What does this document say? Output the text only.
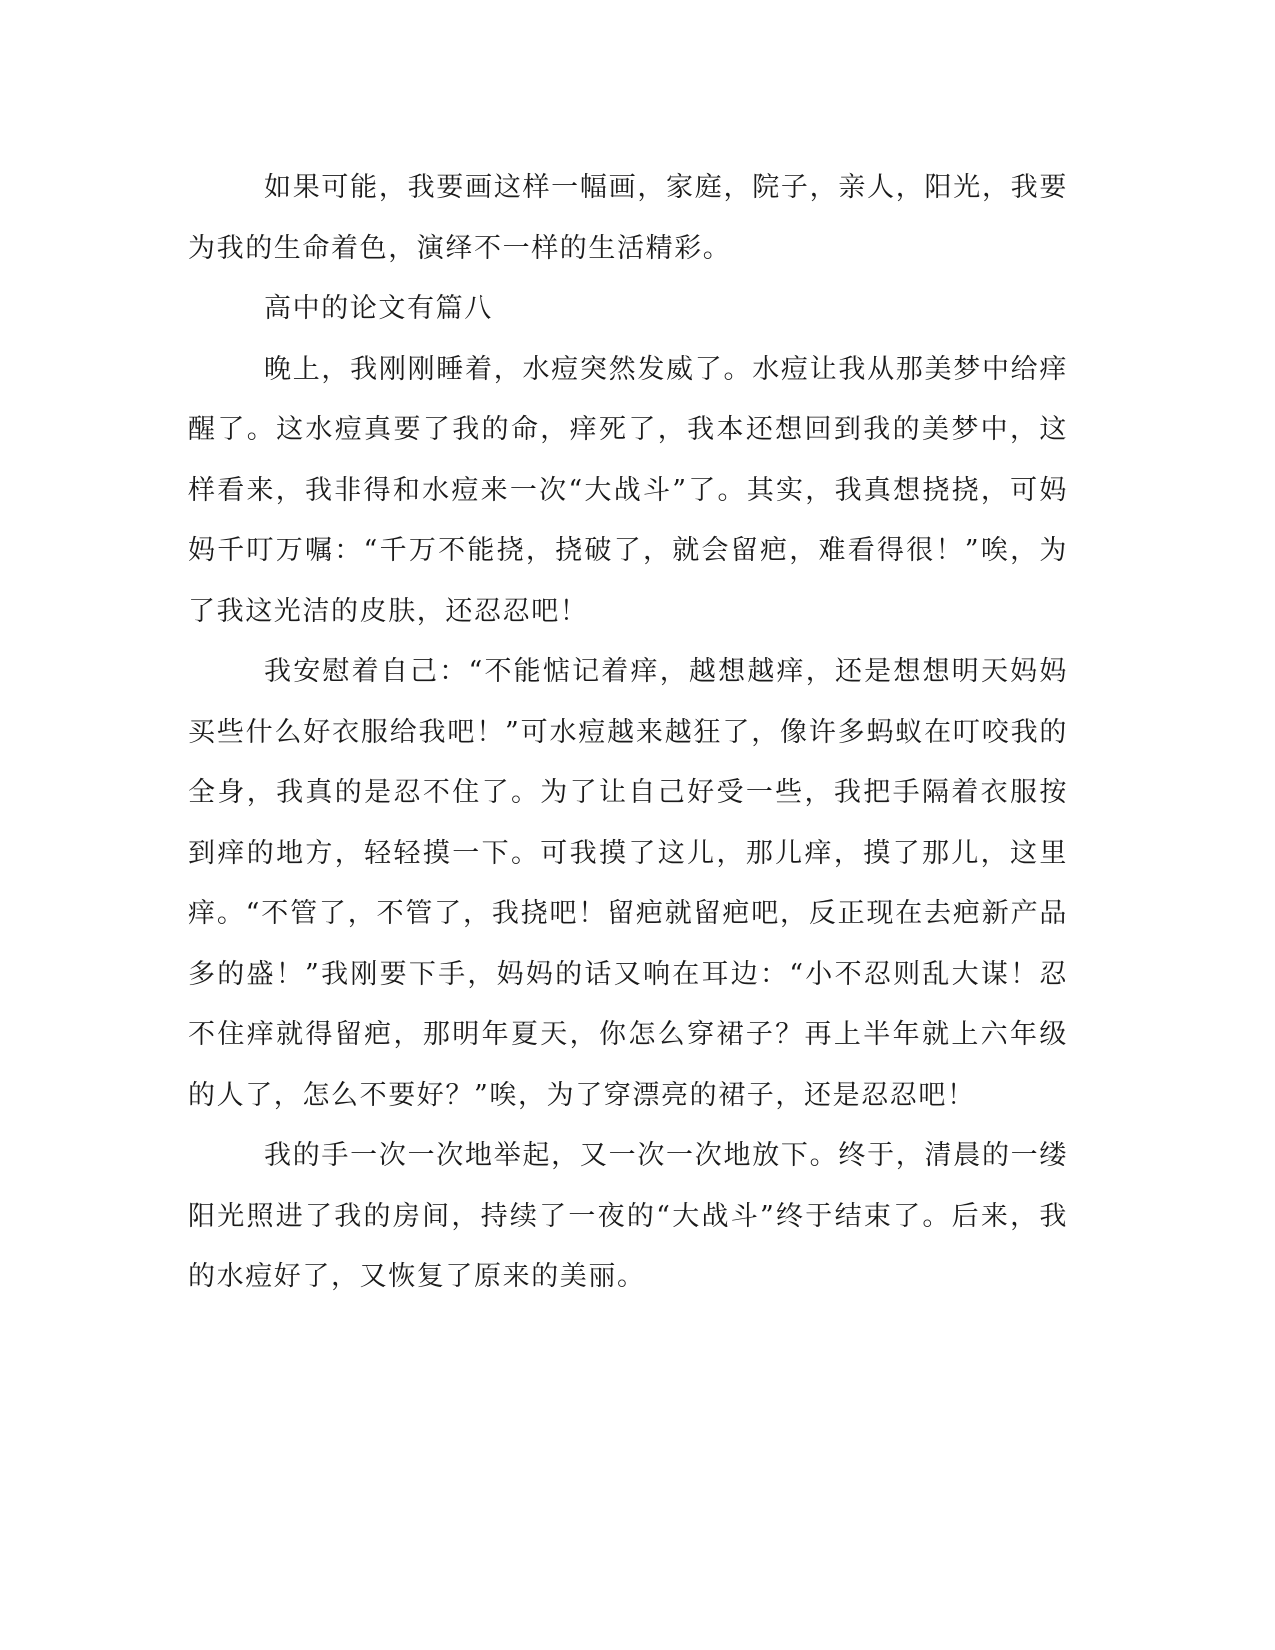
如果可能，我要画这样一幅画，家庭，院子，亲人，阳光，我要为我的生命着色，演绎不一样的生活精彩。

高中的论文有篇八

晚上，我刚刚睡着，水痘突然发威了。水痘让我从那美梦中给痒醒了。这水痘真要了我的命，痒死了，我本还想回到我的美梦中，这样看来，我非得和水痘来一次“大战斗”了。其实，我真想挠挠，可妈妈千叮万嘱：“千万不能挠，挠破了，就会留疤，难看得很！”唉，为了我这光洁的皮肤，还忍忍吧！

我安慰着自己：“不能惦记着痒，越想越痒，还是想想明天妈妈买些什么好衣服给我吧！”可水痘越来越狂了，像许多蚂蚁在叮咬我的全身，我真的是忍不住了。为了让自己好受一些，我把手隔着衣服按到痒的地方，轻轻摸一下。可我摸了这儿，那儿痒，摸了那儿，这里痒。“不管了，不管了，我挠吧！留疤就留疤吧，反正现在去疤新产品多的盛！”我刚要下手，妈妈的话又响在耳边：“小不忍则乱大谋！忍不住痒就得留疤，那明年夏天，你怎么穿裙子？再上半年就上六年级的人了，怎么不要好？”唉，为了穿漂亮的裙子，还是忍忍吧！

我的手一次一次地举起，又一次一次地放下。终于，清晨的一缕阳光照进了我的房间，持续了一夜的“大战斗”终于结束了。后来，我的水痘好了，又恢复了原来的美丽。
